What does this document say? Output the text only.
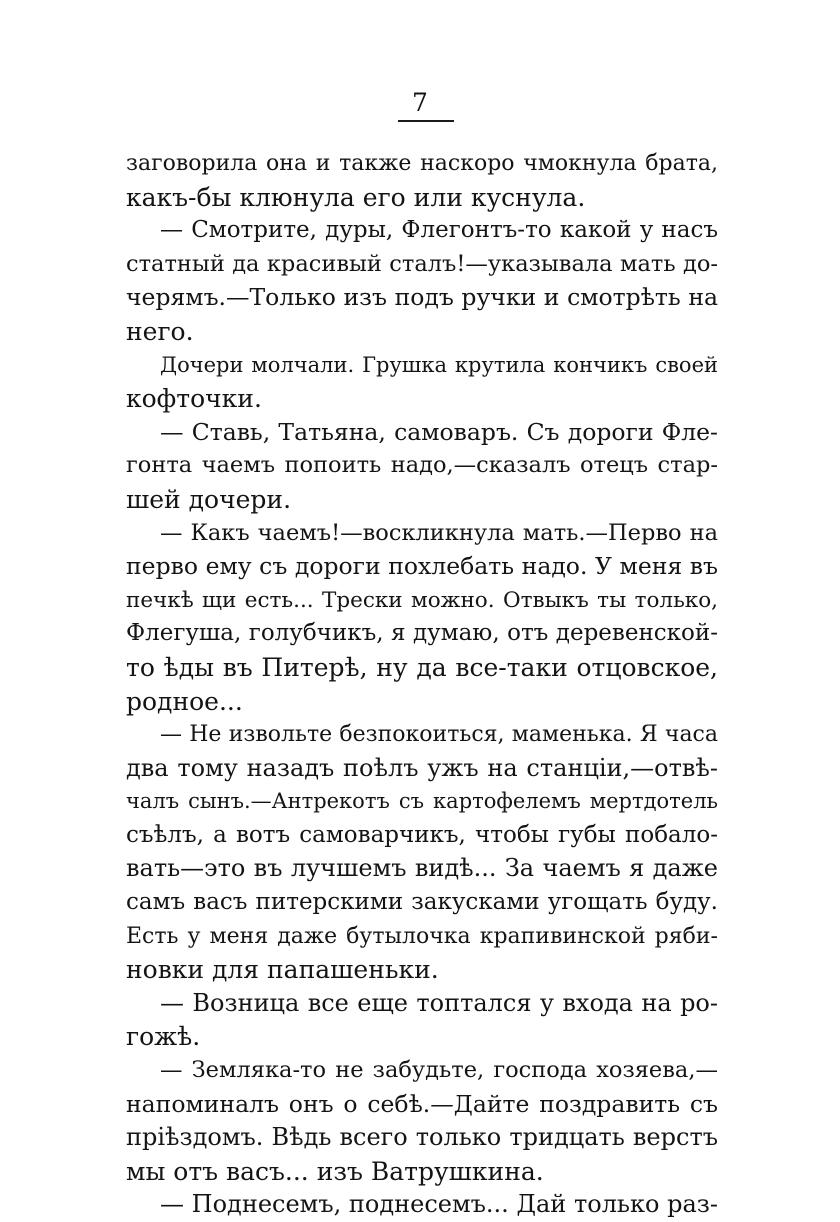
7
заговорила она и также наскоро чмокнула брата,
какъ-бы клюнула его или куснула.
— Смотрите, дуры, Флегонтъ-то какой у насъ
статный да красивый сталъ!—указывала мать до-
черямъ.—Только изъ подъ ручки и смотрѣть на
него.
Дочери молчали. Грушка крутила кончикъ своей
кофточки.
— Ставь, Татьяна, самоваръ. Съ дороги Фле-
гонта чаемъ попоить надо,—сказалъ отецъ стар-
шей дочери.
— Какъ чаемъ!—воскликнула мать.—Перво на
перво ему съ дороги похлебать надо. У меня въ
печкѣ щи есть... Трески можно. Отвыкъ ты только,
Флегуша, голубчикъ, я думаю, отъ деревенской-
то ѣды въ Питерѣ, ну да все-таки отцовское,
родное...
— Не извольте безпокоиться, маменька. Я часа
два тому назадъ поѣлъ ужъ на станціи,—отвѣ-
чалъ сынъ.—Антрекотъ съ картофелемъ мертдотель
съѣлъ, а вотъ самоварчикъ, чтобы губы побало-
вать—это въ лучшемъ видѣ... За чаемъ я даже
самъ васъ питерскими закусками угощать буду.
Есть у меня даже бутылочка крапивинской ряби-
новки для папашеньки.
— Возница все еще топтался у входа на ро-
гожѣ.
— Земляка-то не забудьте, господа хозяева,—
напоминалъ онъ о себѣ.—Дайте поздравить съ
пріѣздомъ. Вѣдь всего только тридцать верстъ
мы отъ васъ... изъ Ватрушкина.
— Поднесемъ, поднесемъ... Дай только раз-
